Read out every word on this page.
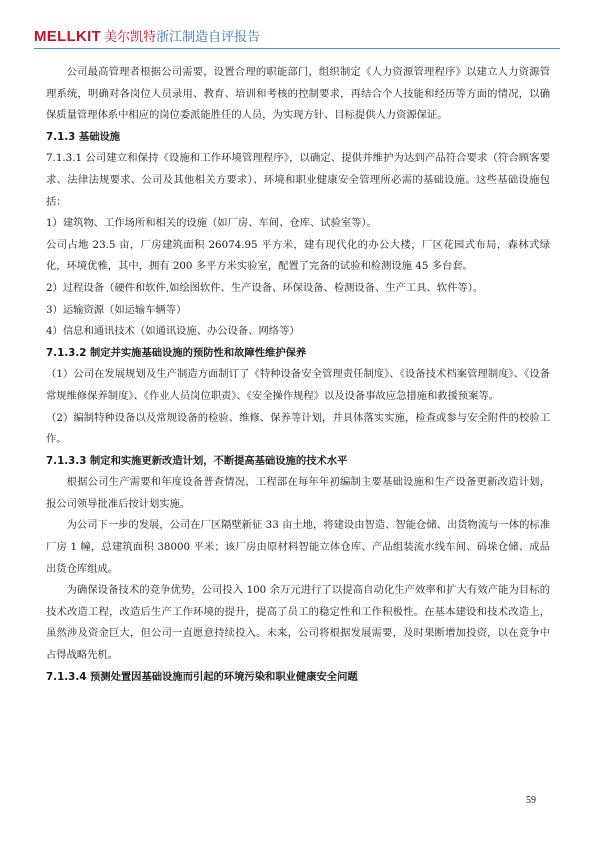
MELLKIT 美尔凯特浙江制造自评报告

公司最高管理者根据公司需要，设置合理的职能部门，组织制定《人力资源管理程序》以建立人力资源管理系统，明确对各岗位人员录用、教育、培训和考核的控制要求，再结合个人技能和经历等方面的情况，以确保质量管理体系中相应的岗位委派能胜任的人员，为实现方针、目标提供人力资源保证。

7.1.3 基础设施

7.1.3.1 公司建立和保持《设施和工作环境管理程序》，以确定、提供并维护为达到产品符合要求（符合顾客要求、法律法规要求、公司及其他相关方要求）、环境和职业健康安全管理所必需的基础设施。这些基础设施包括：

1）建筑物、工作场所和相关的设施（如厂房、车间、仓库、试验室等）。

公司占地 23.5 亩，厂房建筑面积 26074.95 平方米，建有现代化的办公大楼，厂区花园式布局，森林式绿化，环境优雅，其中，拥有 200 多平方米实验室，配置了完备的试验和检测设施 45 多台套。

2）过程设备（硬件和软件,如绘图软件、生产设备、环保设备、检测设备、生产工具、软件等）。

3）运输资源（如运输车辆等）

4）信息和通讯技术（如通讯设施、办公设备、网络等）

7.1.3.2 制定并实施基础设施的预防性和故障性维护保养

（1）公司在发展规划及生产制造方面制订了《特种设备安全管理责任制度》、《设备技术档案管理制度》、《设备常规维修保养制度》、《作业人员岗位职责》、《安全操作规程》以及设备事故应急措施和救援预案等。

（2）编制特种设备以及常规设备的检验、维修、保养等计划，并具体落实实施，检查或参与安全附件的校验工作。

7.1.3.3 制定和实施更新改造计划，不断提高基础设施的技术水平

根据公司生产需要和年度设备普查情况，工程部在每年年初编制主要基础设施和生产设备更新改造计划，报公司领导批准后按计划实施。

为公司下一步的发展，公司在厂区隔壁新征 33 亩土地，将建设由智造、智能仓储、出货物流与一体的标准厂房 1 幢，总建筑面积 38000 平米；该厂房由原材料智能立体仓库、产品组装流水线车间、码垛仓储、成品出货仓库组成。

为确保设备技术的竞争优势，公司投入 100 余万元进行了以提高自动化生产效率和扩大有效产能为目标的技术改造工程，改造后生产工作环境的提升，提高了员工的稳定性和工作积极性。在基本建设和技术改造上，虽然涉及资金巨大，但公司一直愿意持续投入。未来，公司将根据发展需要，及时果断增加投资，以在竞争中占得战略先机。

7.1.3.4 预测处置因基础设施而引起的环境污染和职业健康安全问题

59
